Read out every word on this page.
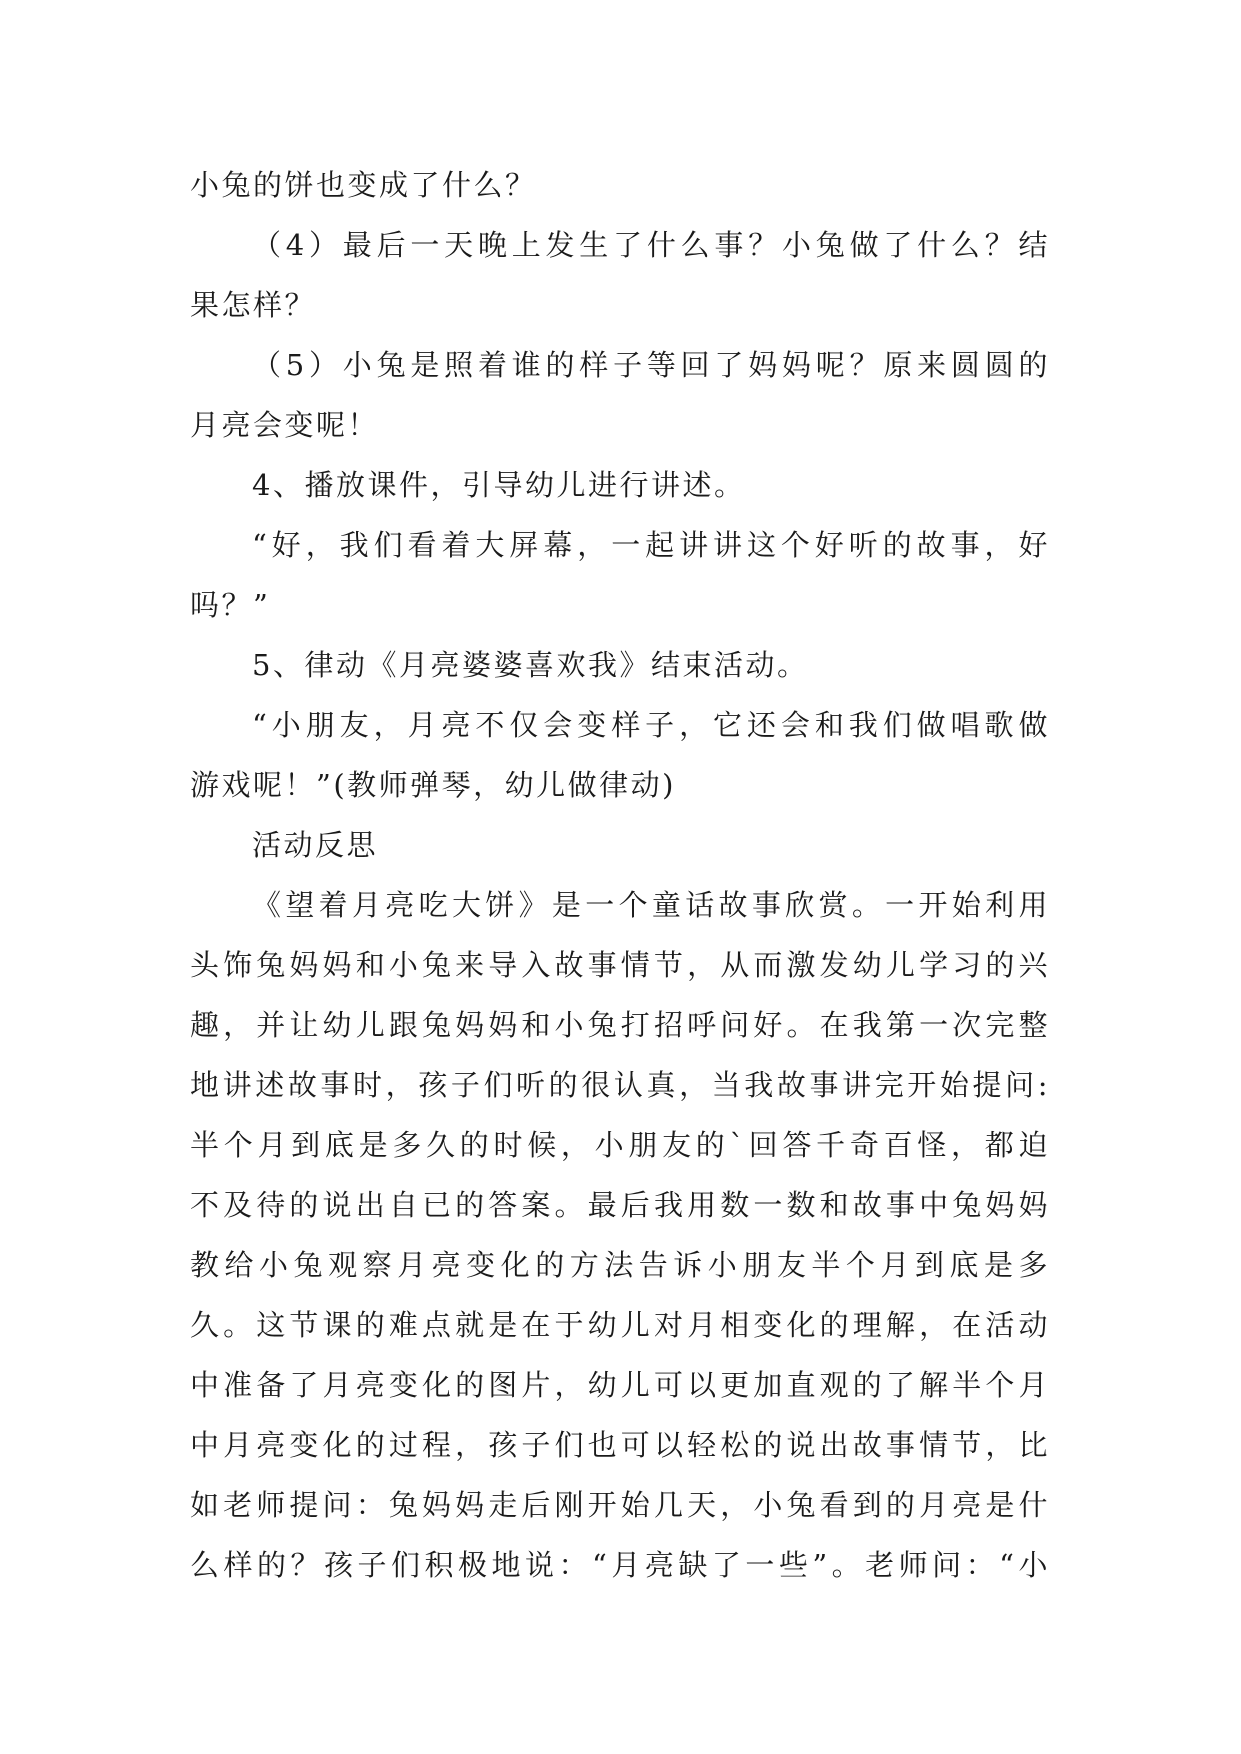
小兔的饼也变成了什么？
（4）最后一天晚上发生了什么事？小兔做了什么？结
果怎样？
（5）小兔是照着谁的样子等回了妈妈呢？原来圆圆的
月亮会变呢！
4、播放课件，引导幼儿进行讲述。
“好，我们看着大屏幕，一起讲讲这个好听的故事，好
吗？”
5、律动《月亮婆婆喜欢我》结束活动。
“小朋友，月亮不仅会变样子，它还会和我们做唱歌做
游戏呢！”(教师弹琴，幼儿做律动)
活动反思
《望着月亮吃大饼》是一个童话故事欣赏。一开始利用
头饰兔妈妈和小兔来导入故事情节，从而激发幼儿学习的兴
趣，并让幼儿跟兔妈妈和小兔打招呼问好。在我第一次完整
地讲述故事时，孩子们听的很认真，当我故事讲完开始提问:
半个月到底是多久的时候，小朋友的`回答千奇百怪，都迫
不及待的说出自已的答案。最后我用数一数和故事中兔妈妈
教给小兔观察月亮变化的方法告诉小朋友半个月到底是多
久。这节课的难点就是在于幼儿对月相变化的理解，在活动
中准备了月亮变化的图片，幼儿可以更加直观的了解半个月
中月亮变化的过程，孩子们也可以轻松的说出故事情节，比
如老师提问：兔妈妈走后刚开始几天，小兔看到的月亮是什
么样的？孩子们积极地说：“月亮缺了一些”。老师问：“小
